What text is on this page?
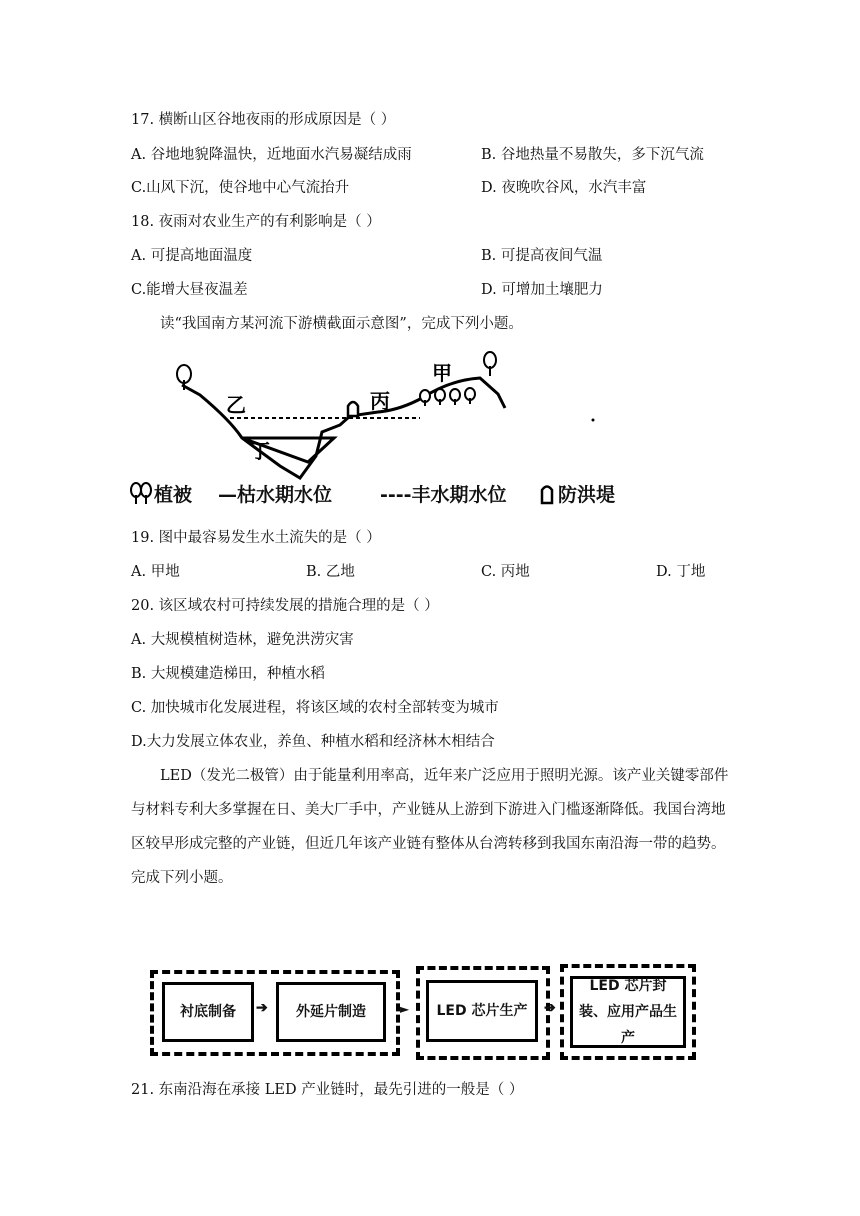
17. 横断山区谷地夜雨的形成原因是（ ）
A. 谷地地貌降温快，近地面水汽易凝结成雨	B. 谷地热量不易散失，多下沉气流
C.山风下沉，使谷地中心气流抬升	D. 夜晚吹谷风，水汽丰富
18. 夜雨对农业生产的有利影响是（ ）
A. 可提高地面温度	B. 可提高夜间气温
C.能增大昼夜温差	D. 可增加土壤肥力
读“我国南方某河流下游横截面示意图”，完成下列小题。
甲
乙	丙
丁
植被 —枯水期水位	----丰水期水位	防洪堤
19. 图中最容易发生水土流失的是（ ）
A. 甲地	B. 乙地	C. 丙地	D. 丁地
20. 该区域农村可持续发展的措施合理的是（ ）
A. 大规模植树造林，避免洪涝灾害
B. 大规模建造梯田，种植水稻
C. 加快城市化发展进程，将该区域的农村全部转变为城市
D.大力发展立体农业，养鱼、种植水稻和经济林木相结合
LED（发光二极管）由于能量利用率高，近年来广泛应用于照明光源。该产业关键零部件与材料专利大多掌握在日、美大厂手中，产业链从上游到下游进入门槛逐渐降低。我国台湾地区较早形成完整的产业链，但近几年该产业链有整体从台湾转移到我国东南沿海一带的趋势。完成下列小题。
衬底制备	➔	外延片制造	►	LED 芯片生产	➔
LED 芯片封装、应用产品生产
21. 东南沿海在承接 LED 产业链时，最先引进的一般是（ ）
